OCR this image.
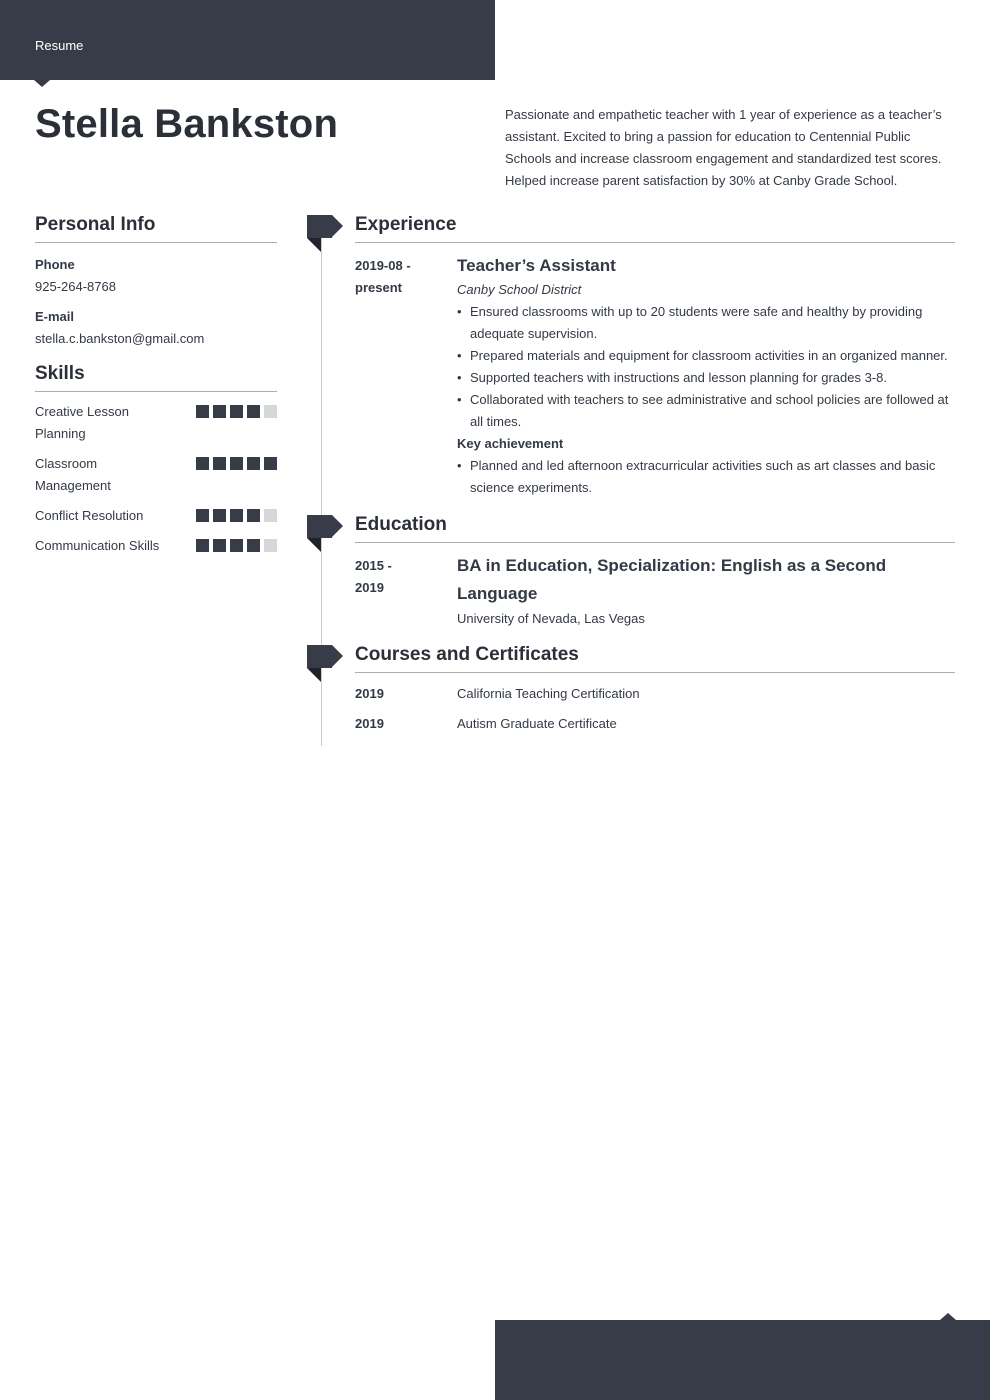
Resume
Stella Bankston	Passionate and empathetic teacher with 1 year of experience as a teacher’s assistant. Excited to bring a passion for education to Centennial Public Schools and increase classroom engagement and standardized test scores. Helped increase parent satisfaction by 30% at Canby Grade School.

Personal Info
Phone
925-264-8768
E-mail
stella.c.bankston@gmail.com
Skills
Creative Lesson Planning
Classroom Management
Conflict Resolution
Communication Skills
Experience
2019-08 - present
Teacher’s Assistant
Canby School District
• Ensured classrooms with up to 20 students were safe and healthy by providing adequate supervision.
• Prepared materials and equipment for classroom activities in an organized manner.
• Supported teachers with instructions and lesson planning for grades 3-8.
• Collaborated with teachers to see administrative and school policies are followed at all times.
Key achievement
• Planned and led afternoon extracurricular activities such as art classes and basic science experiments.
Education
2015 - 2019
BA in Education, Specialization: English as a Second Language
University of Nevada, Las Vegas
Courses and Certificates
2019	California Teaching Certification
2019	Autism Graduate Certificate
